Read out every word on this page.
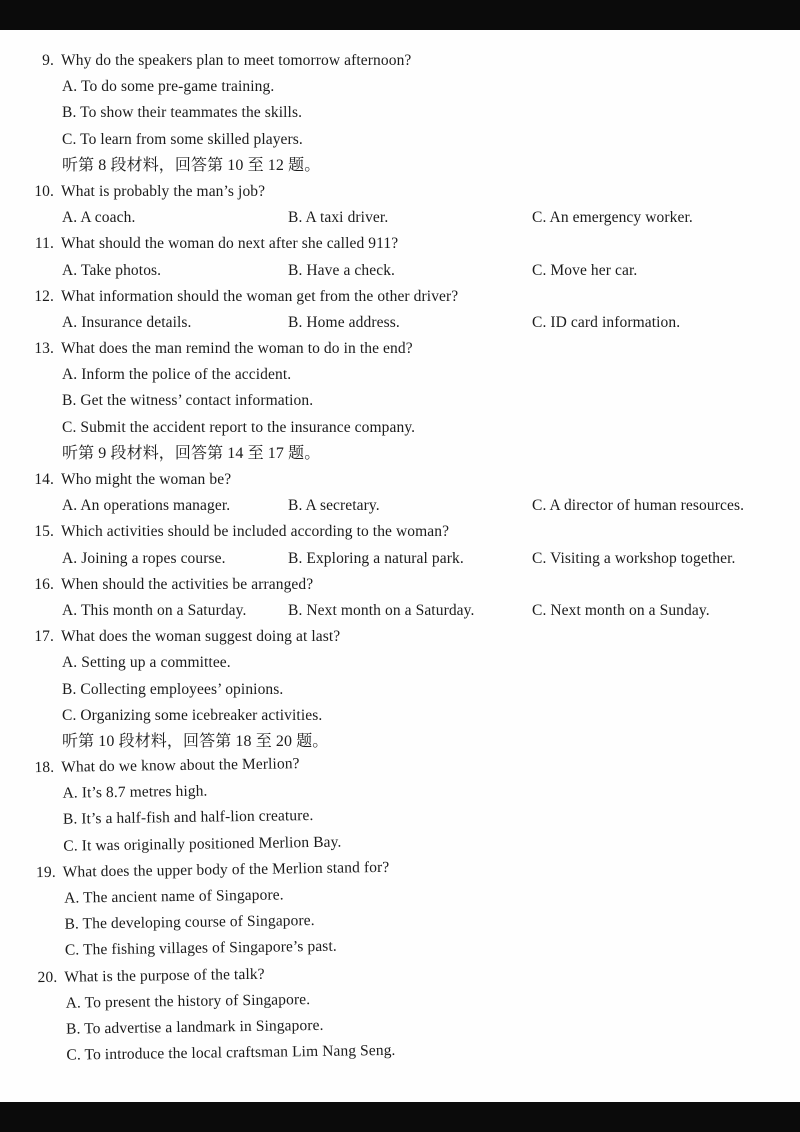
9. Why do the speakers plan to meet tomorrow afternoon?
A. To do some pre-game training.
B. To show their teammates the skills.
C. To learn from some skilled players.
听第 8 段材料，回答第 10 至 12 题。
10. What is probably the man’s job?
A. A coach.	B. A taxi driver.	C. An emergency worker.
11. What should the woman do next after she called 911?
A. Take photos.	B. Have a check.	C. Move her car.
12. What information should the woman get from the other driver?
A. Insurance details.	B. Home address.	C. ID card information.
13. What does the man remind the woman to do in the end?
A. Inform the police of the accident.
B. Get the witness’ contact information.
C. Submit the accident report to the insurance company.
听第 9 段材料，回答第 14 至 17 题。
14. Who might the woman be?
A. An operations manager.	B. A secretary.	C. A director of human resources.
15. Which activities should be included according to the woman?
A. Joining a ropes course.	B. Exploring a natural park.	C. Visiting a workshop together.
16. When should the activities be arranged?
A. This month on a Saturday.	B. Next month on a Saturday.	C. Next month on a Sunday.
17. What does the woman suggest doing at last?
A. Setting up a committee.
B. Collecting employees’ opinions.
C. Organizing some icebreaker activities.
听第 10 段材料，回答第 18 至 20 题。
18. What do we know about the Merlion?
A. It’s 8.7 metres high.
B. It’s a half-fish and half-lion creature.
C. It was originally positioned Merlion Bay.
19. What does the upper body of the Merlion stand for?
A. The ancient name of Singapore.
B. The developing course of Singapore.
C. The fishing villages of Singapore’s past.
20. What is the purpose of the talk?
A. To present the history of Singapore.
B. To advertise a landmark in Singapore.
C. To introduce the local craftsman Lim Nang Seng.
